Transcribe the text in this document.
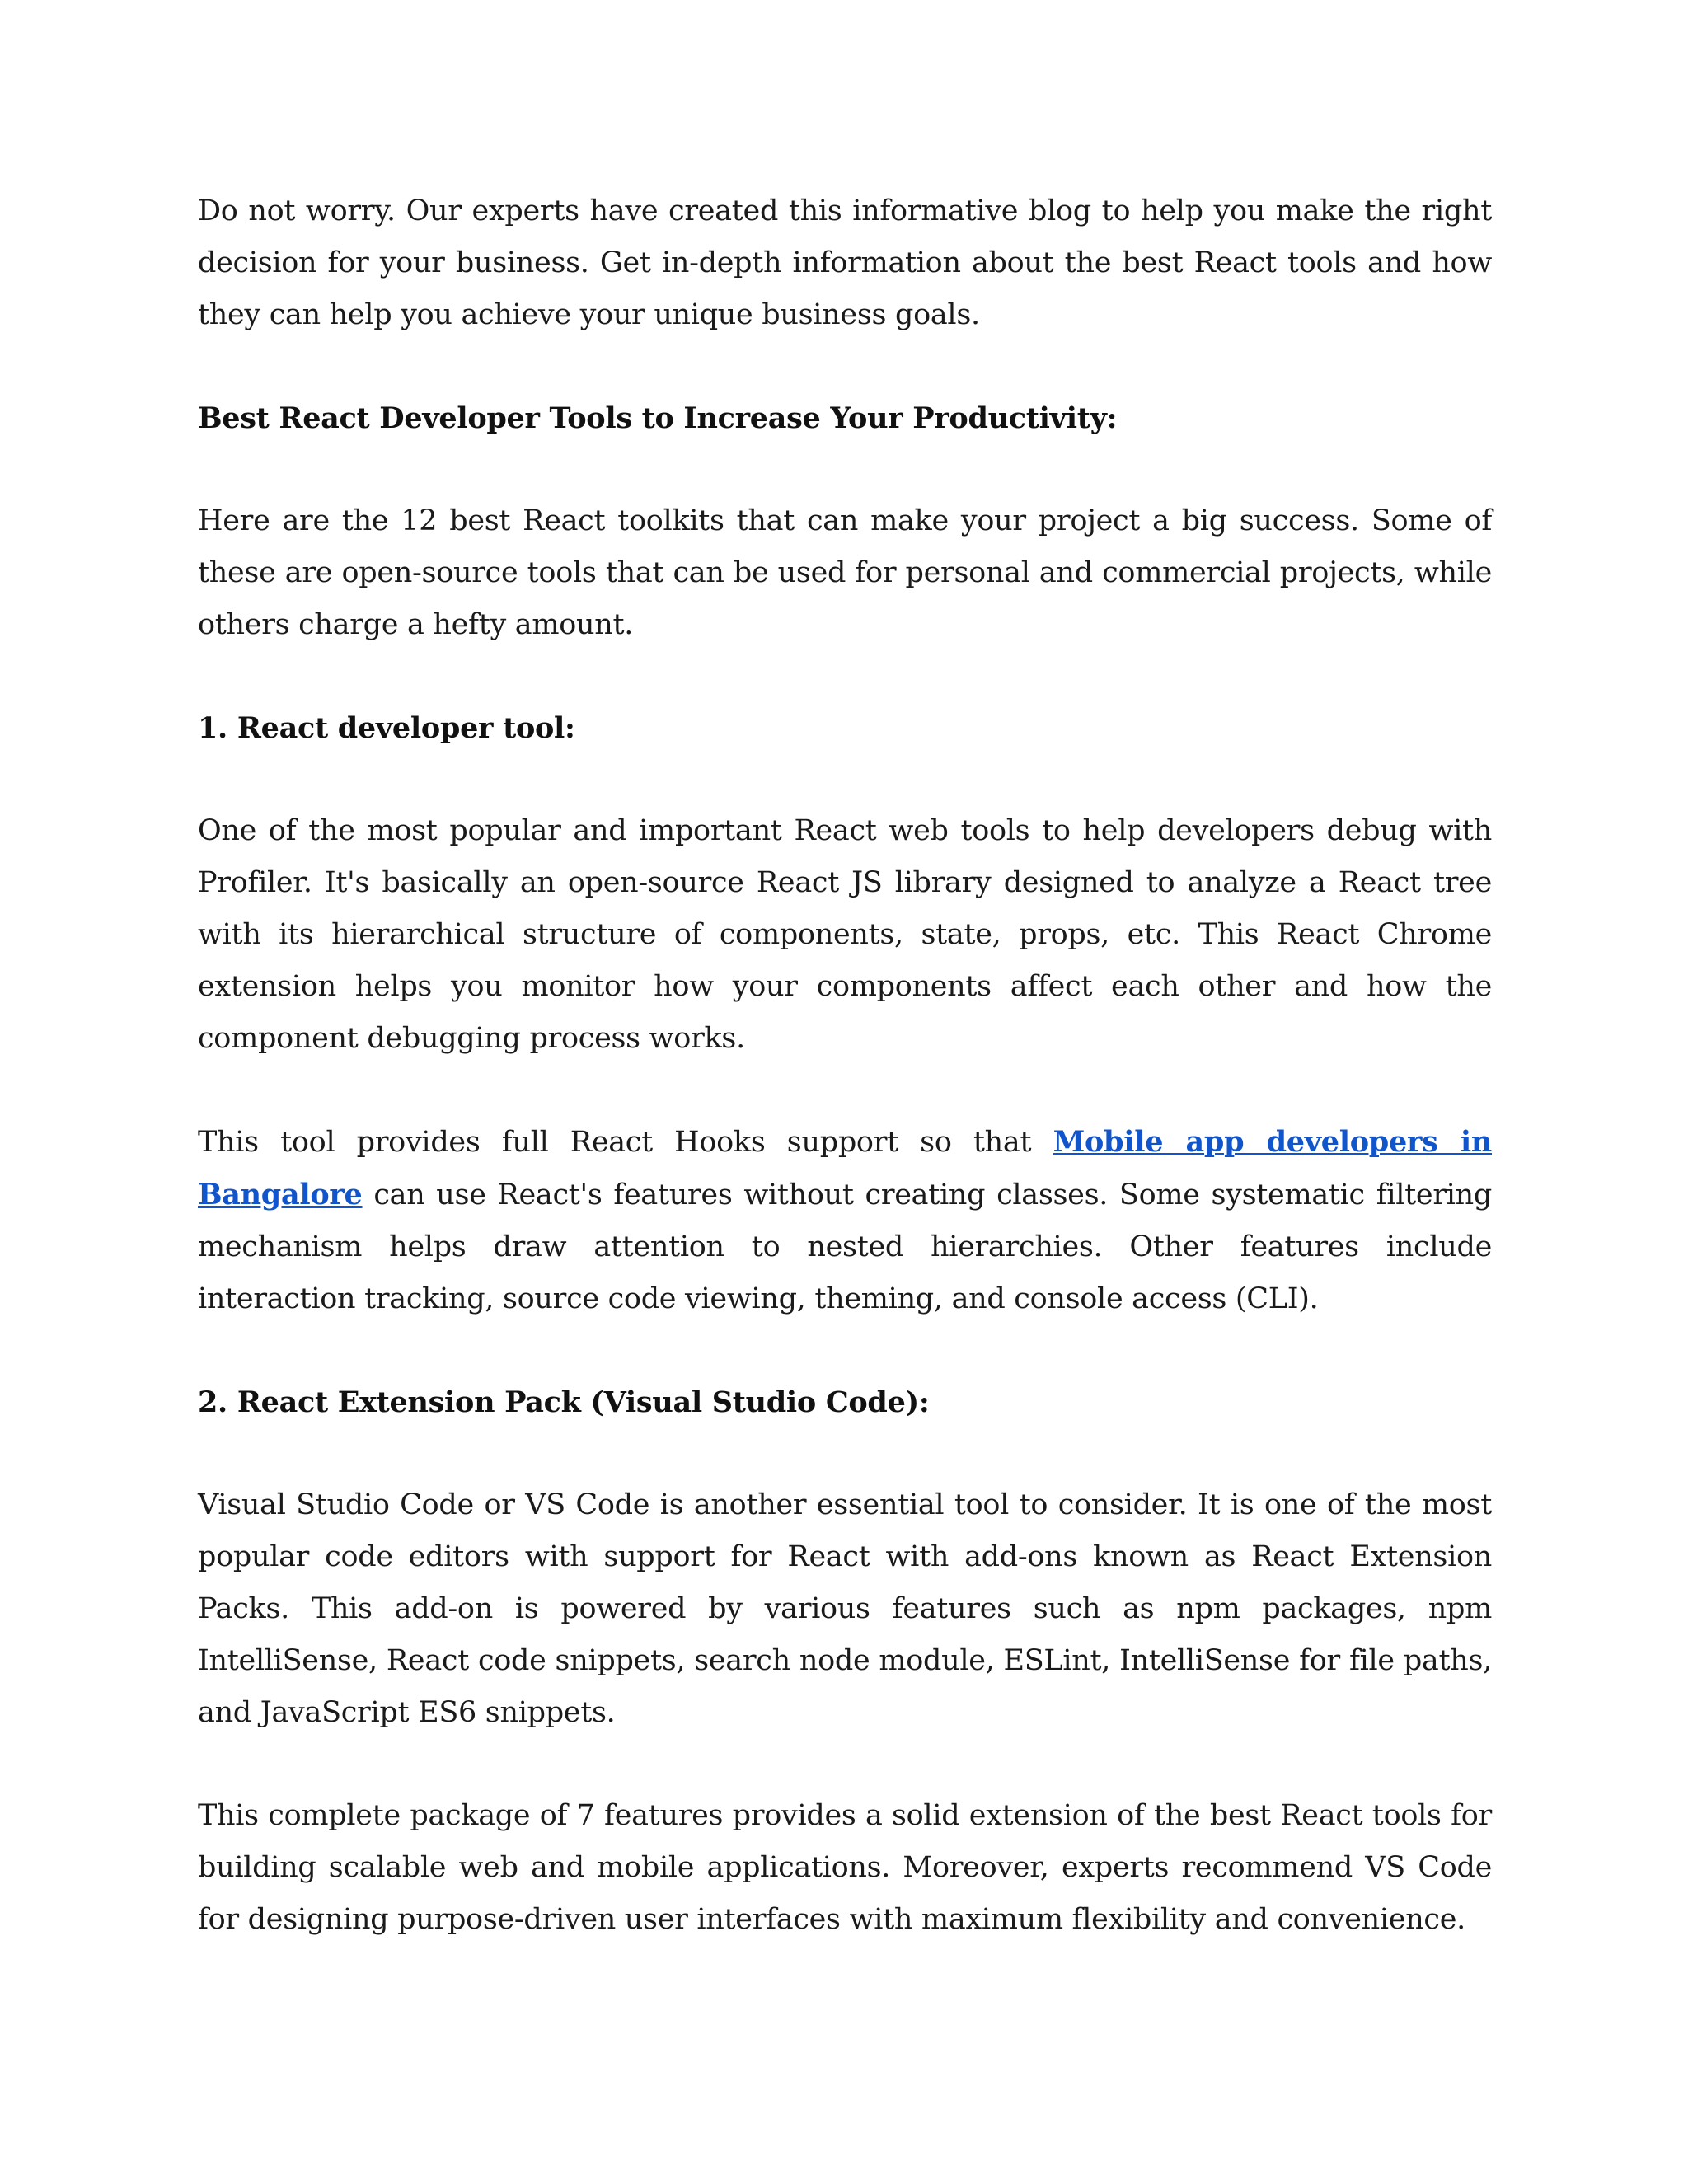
Do not worry. Our experts have created this informative blog to help you make the right decision for your business. Get in-depth information about the best React tools and how they can help you achieve your unique business goals.

Best React Developer Tools to Increase Your Productivity:

Here are the 12 best React toolkits that can make your project a big success. Some of these are open-source tools that can be used for personal and commercial projects, while others charge a hefty amount.

1. React developer tool:

One of the most popular and important React web tools to help developers debug with Profiler. It's basically an open-source React JS library designed to analyze a React tree with its hierarchical structure of components, state, props, etc. This React Chrome extension helps you monitor how your components affect each other and how the component debugging process works.

This tool provides full React Hooks support so that Mobile app developers in Bangalore can use React's features without creating classes. Some systematic filtering mechanism helps draw attention to nested hierarchies. Other features include interaction tracking, source code viewing, theming, and console access (CLI).

2. React Extension Pack (Visual Studio Code):

Visual Studio Code or VS Code is another essential tool to consider. It is one of the most popular code editors with support for React with add-ons known as React Extension Packs. This add-on is powered by various features such as npm packages, npm IntelliSense, React code snippets, search node module, ESLint, IntelliSense for file paths, and JavaScript ES6 snippets.

This complete package of 7 features provides a solid extension of the best React tools for building scalable web and mobile applications. Moreover, experts recommend VS Code for designing purpose-driven user interfaces with maximum flexibility and convenience.
